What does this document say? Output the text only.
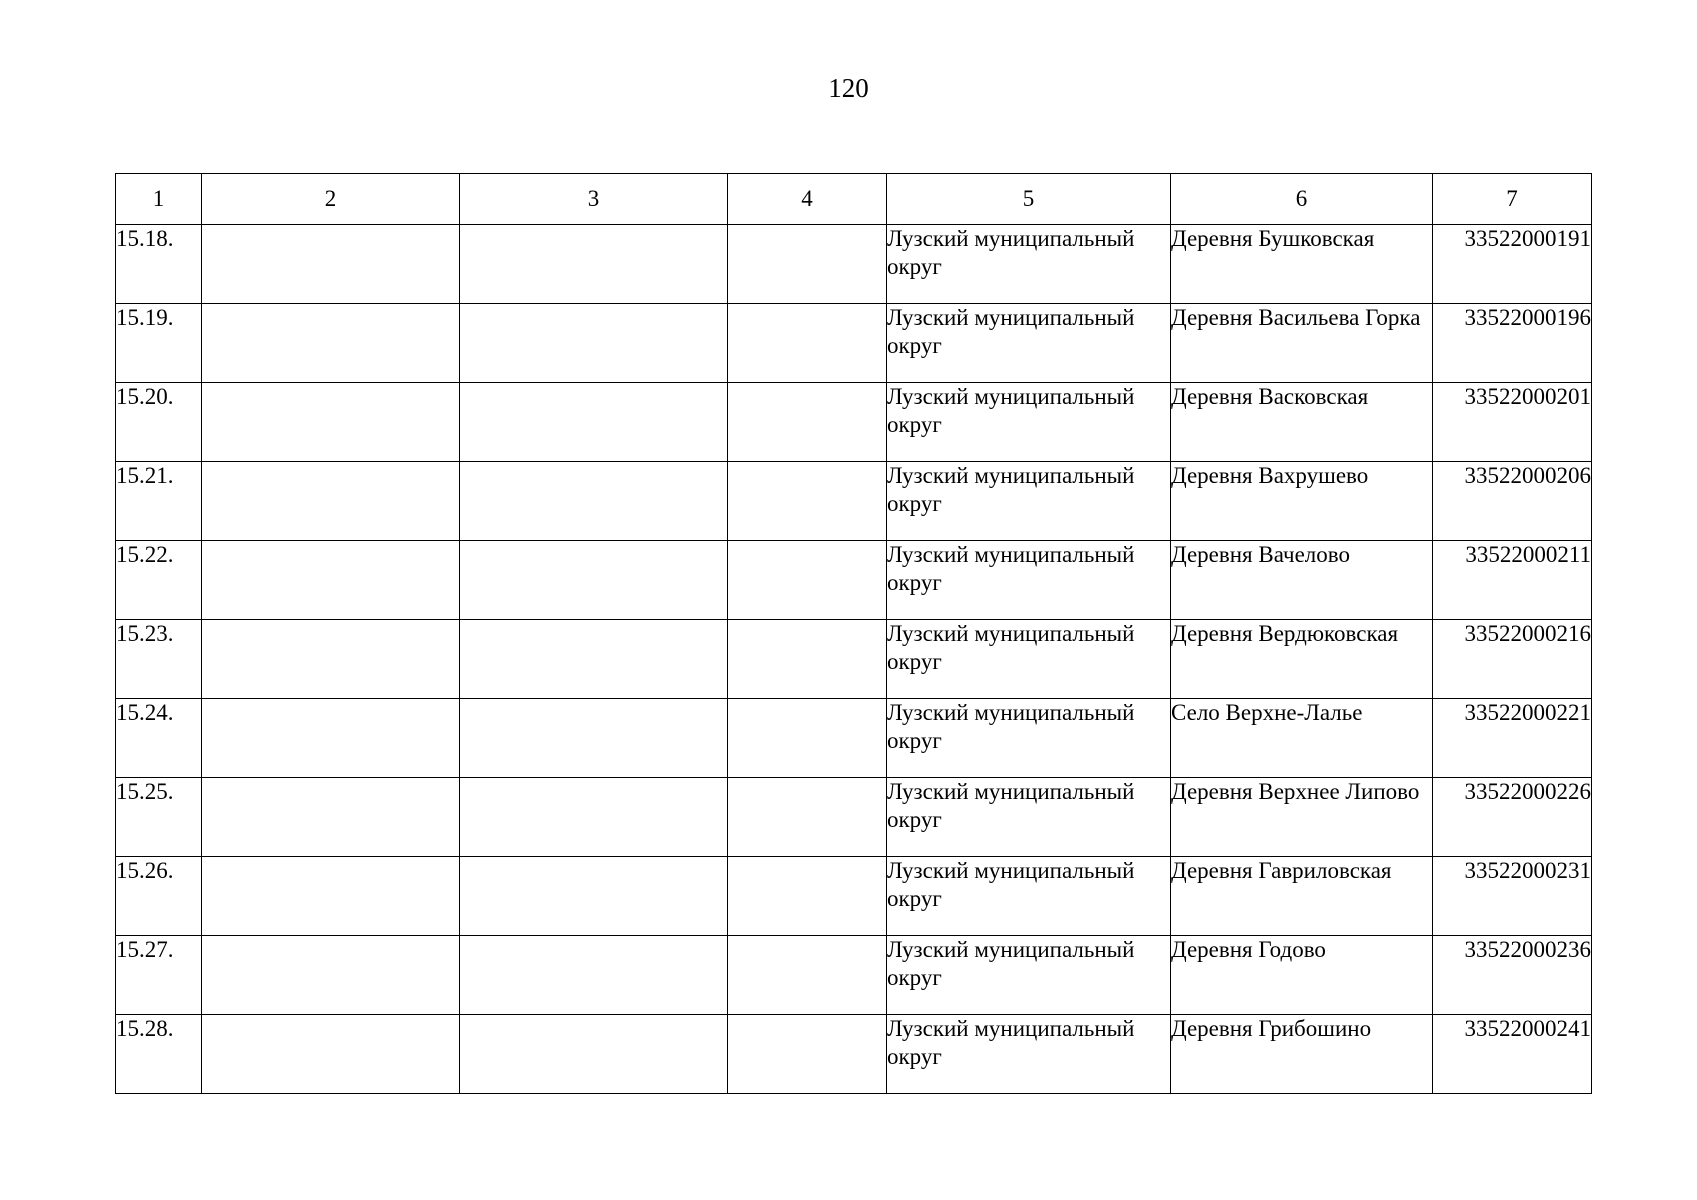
120
1	2	3	4	5	6	7
15.18.				Лузский муниципальный округ	Деревня Бушковская	33522000191
15.19.				Лузский муниципальный округ	Деревня Васильева Горка	33522000196
15.20.				Лузский муниципальный округ	Деревня Васковская	33522000201
15.21.				Лузский муниципальный округ	Деревня Вахрушево	33522000206
15.22.				Лузский муниципальный округ	Деревня Вачелово	33522000211
15.23.				Лузский муниципальный округ	Деревня Вердюковская	33522000216
15.24.				Лузский муниципальный округ	Село Верхне-Лалье	33522000221
15.25.				Лузский муниципальный округ	Деревня Верхнее Липово	33522000226
15.26.				Лузский муниципальный округ	Деревня Гавриловская	33522000231
15.27.				Лузский муниципальный округ	Деревня Годово	33522000236
15.28.				Лузский муниципальный округ	Деревня Грибошино	33522000241
